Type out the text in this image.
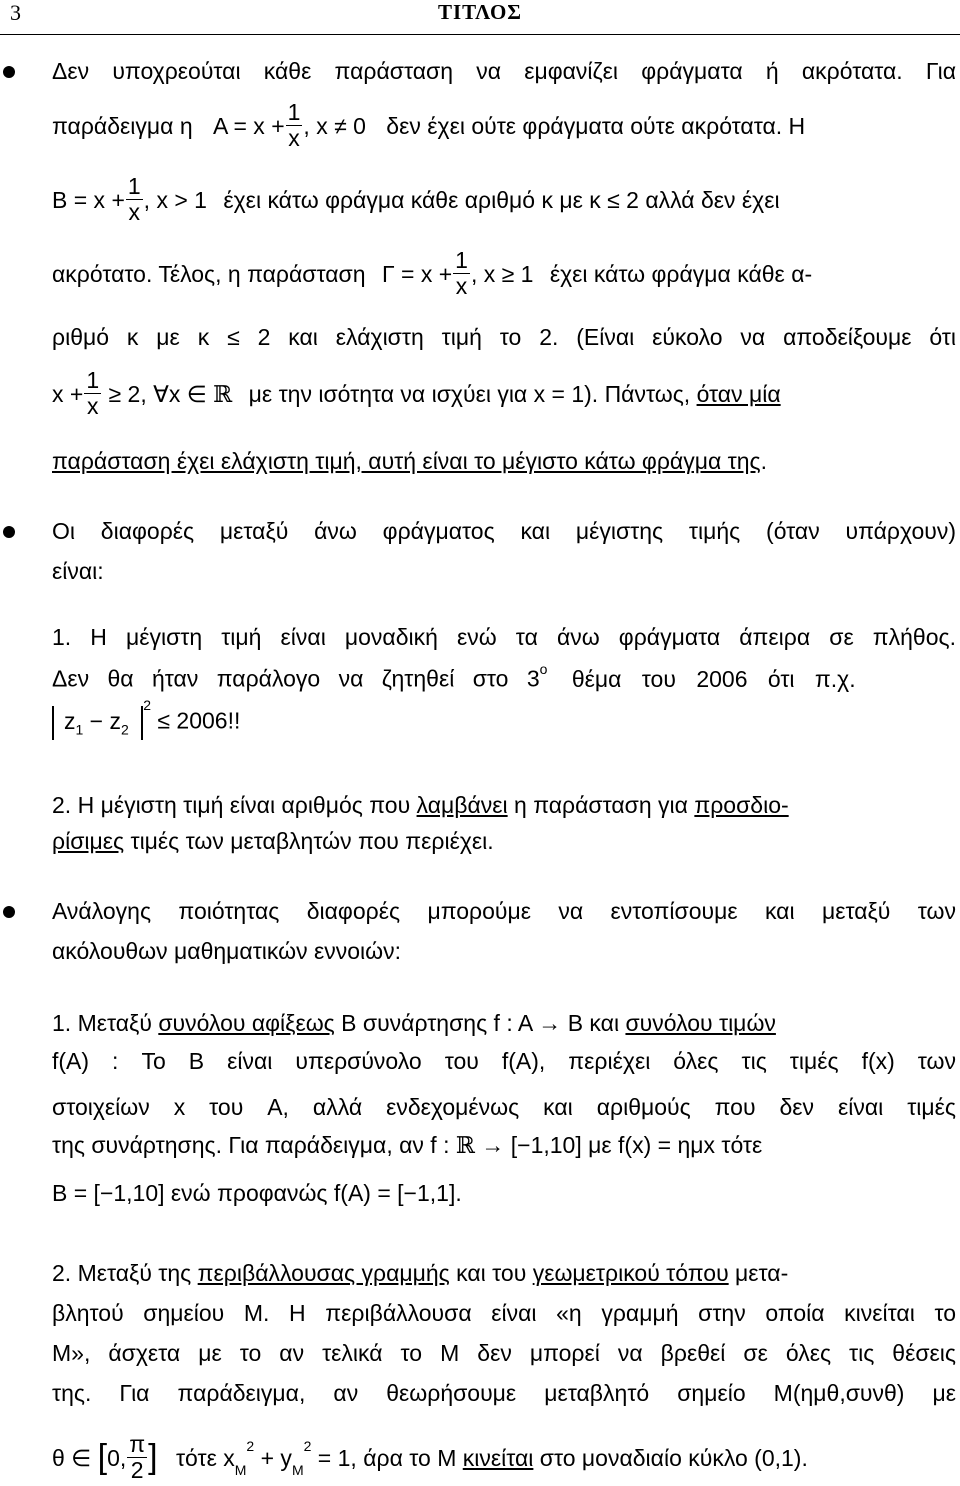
3	ΤΙΤΛΟΣ
Δεν υποχρεούται κάθε παράσταση να εμφανίζει φράγματα ή ακρότατα. Για
παράδειγμα η $A = x + \frac{1}{x}$ , x ≠ 0 δεν έχει ούτε φράγματα ούτε ακρότατα. Η
$B = x + \frac{1}{x}$ , x > 1 έχει κάτω φράγμα κάθε αριθμό κ με κ ≤ 2 αλλά δεν έχει
ακρότατο. Τέλος, η παράσταση $\Gamma = x + \frac{1}{x}$ , x ≥ 1 έχει κάτω φράγμα κάθε α-
ριθμό κ με κ ≤ 2 και ελάχιστη τιμή το 2. (Είναι εύκολο να αποδείξουμε ότι
$x + \frac{1}{x} \ge 2$, ∀x ∈ ℝ με την ισότητα να ισχύει για x = 1). Πάντως, όταν μία
παράσταση έχει ελάχιστη τιμή, αυτή είναι το μέγιστο κάτω φράγμα της.
Οι διαφορές μεταξύ άνω φράγματος και μέγιστης τιμής (όταν υπάρχουν)
είναι:
1. Η μέγιστη τιμή είναι μοναδική ενώ τα άνω φράγματα άπειρα σε πλήθος.
Δεν θα ήταν παράλογο να ζητηθεί στο $3^o$ θέμα του 2006 ότι π.χ.
$z_1 - z_2$ $^2$ ≤ 2006!!
2. Η μέγιστη τιμή είναι αριθμός που λαμβάνει η παράσταση για προσδιο-
ρίσιμες τιμές των μεταβλητών που περιέχει.
Ανάλογης ποιότητας διαφορές μπορούμε να εντοπίσουμε και μεταξύ των
ακόλουθων μαθηματικών εννοιών:
1. Μεταξύ συνόλου αφίξεως Β συνάρτησης f : A → B και συνόλου τιμών
f(A) : Το Β είναι υπερσύνολο του f(A), περιέχει όλες τις τιμές f(x) των
στοιχείων x του A, αλλά ενδεχομένως και αριθμούς που δεν είναι τιμές
της συνάρτησης. Για παράδειγμα, αν f : ℝ → [−1,10] με f(x) = ημx τότε
B = [−1,10] ενώ προφανώς f(A) = [−1,1].
2. Μεταξύ της περιβάλλουσας γραμμής και του γεωμετρικού τόπου μετα-
βλητού σημείου M. Η περιβάλλουσα είναι «η γραμμή στην οποία κινείται το
M», άσχετα με το αν τελικά το M δεν μπορεί να βρεθεί σε όλες τις θέσεις
της. Για παράδειγμα, αν θεωρήσουμε μεταβλητό σημείο M(ημθ,συνθ) με
θ ∈ [0, $\frac{\pi}{2}$ ] τότε $x_M^2 + y_M^2 = 1$, άρα το M κινείται στο μοναδιαίο κύκλο (0,1).
